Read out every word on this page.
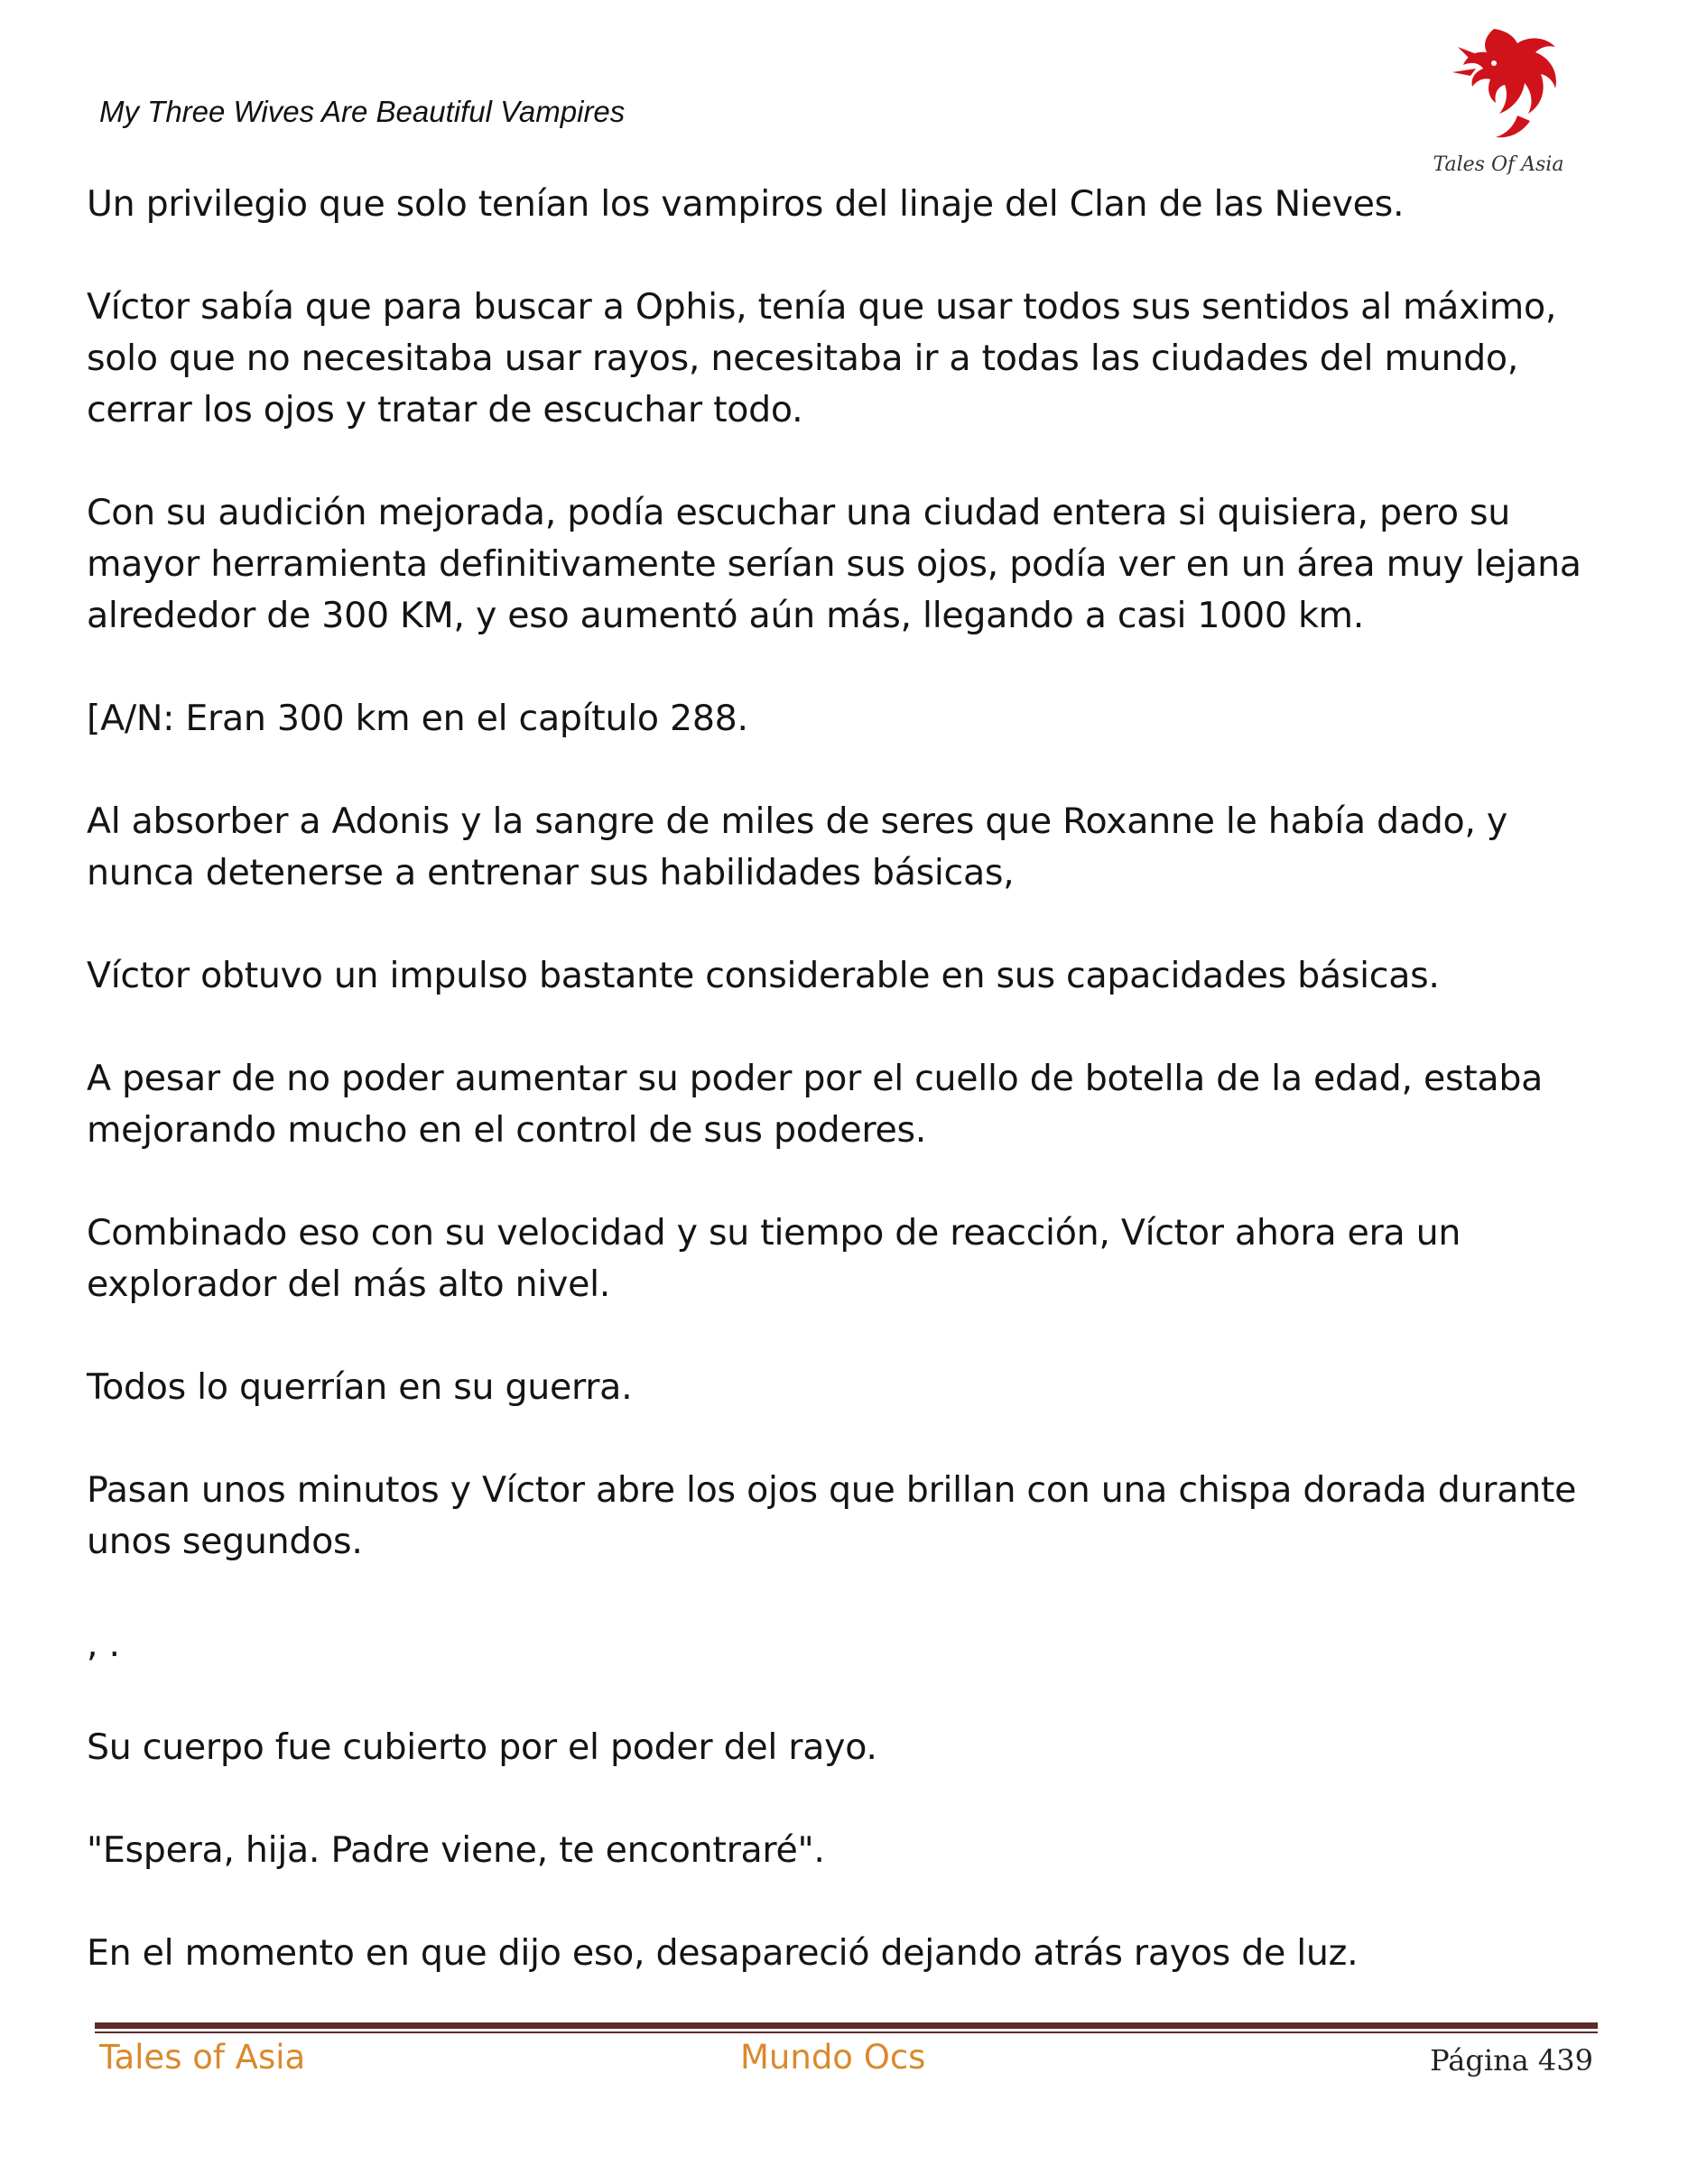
My Three Wives Are Beautiful Vampires
Tales Of Asia

Un privilegio que solo tenían los vampiros del linaje del Clan de las Nieves.

Víctor sabía que para buscar a Ophis, tenía que usar todos sus sentidos al máximo, solo que no necesitaba usar rayos, necesitaba ir a todas las ciudades del mundo, cerrar los ojos y tratar de escuchar todo.

Con su audición mejorada, podía escuchar una ciudad entera si quisiera, pero su mayor herramienta definitivamente serían sus ojos, podía ver en un área muy lejana alrededor de 300 KM, y eso aumentó aún más, llegando a casi 1000 km.

[A/N: Eran 300 km en el capítulo 288.

Al absorber a Adonis y la sangre de miles de seres que Roxanne le había dado, y nunca detenerse a entrenar sus habilidades básicas,

Víctor obtuvo un impulso bastante considerable en sus capacidades básicas.

A pesar de no poder aumentar su poder por el cuello de botella de la edad, estaba mejorando mucho en el control de sus poderes.

Combinado eso con su velocidad y su tiempo de reacción, Víctor ahora era un explorador del más alto nivel.

Todos lo querrían en su guerra.

Pasan unos minutos y Víctor abre los ojos que brillan con una chispa dorada durante unos segundos.

, .

Su cuerpo fue cubierto por el poder del rayo.

"Espera, hija. Padre viene, te encontraré".

En el momento en que dijo eso, desapareció dejando atrás rayos de luz.

Tales of Asia	Mundo Ocs	Página 439
